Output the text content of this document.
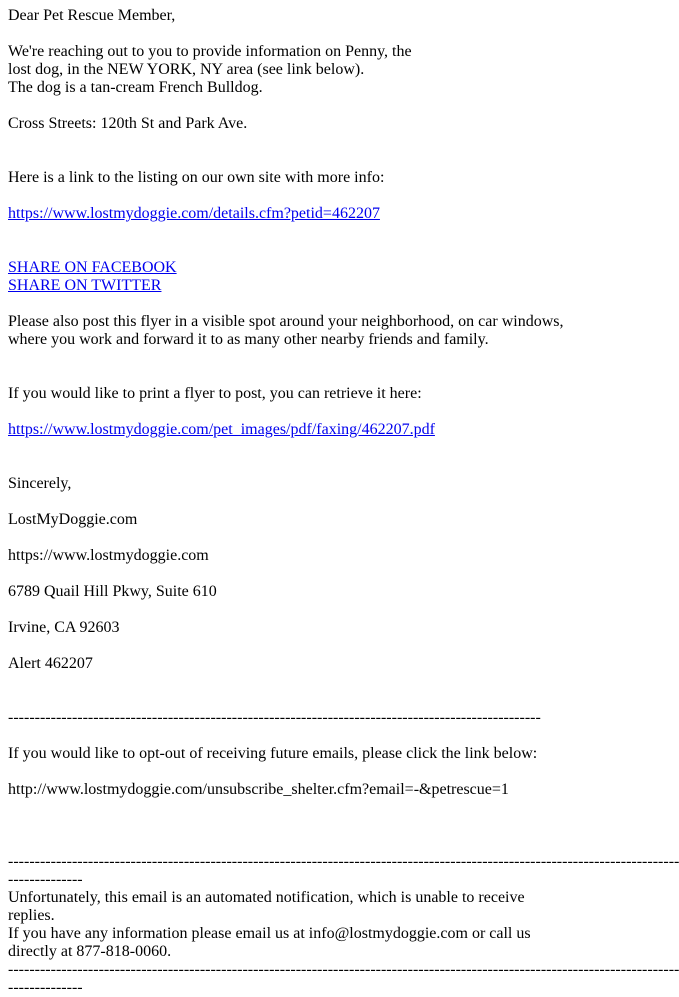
Dear Pet Rescue Member,

We're reaching out to you to provide information on Penny, the
lost dog, in the NEW YORK, NY area (see link below).
The dog is a tan-cream French Bulldog.

Cross Streets: 120th St and Park Ave.

Here is a link to the listing on our own site with more info:

https://www.lostmydoggie.com/details.cfm?petid=462207

SHARE ON FACEBOOK
SHARE ON TWITTER

Please also post this flyer in a visible spot around your neighborhood, on car windows, where you work and forward it to as many other nearby friends and family.

If you would like to print a flyer to post, you can retrieve it here:

https://www.lostmydoggie.com/pet_images/pdf/faxing/462207.pdf

Sincerely,

LostMyDoggie.com

https://www.lostmydoggie.com

6789 Quail Hill Pkwy, Suite 610

Irvine, CA 92603

Alert 462207

----------------------------------------------------------------------------------------------------

If you would like to opt-out of receiving future emails, please click the link below:

http://www.lostmydoggie.com/unsubscribe_shelter.cfm?email=-&petrescue=1

------------------------------------------------------------------------------------------------------------------------------
--------------
Unfortunately, this email is an automated notification, which is unable to receive replies.
If you have any information please email us at info@lostmydoggie.com or call us directly at 877-818-0060.
------------------------------------------------------------------------------------------------------------------------------
--------------
